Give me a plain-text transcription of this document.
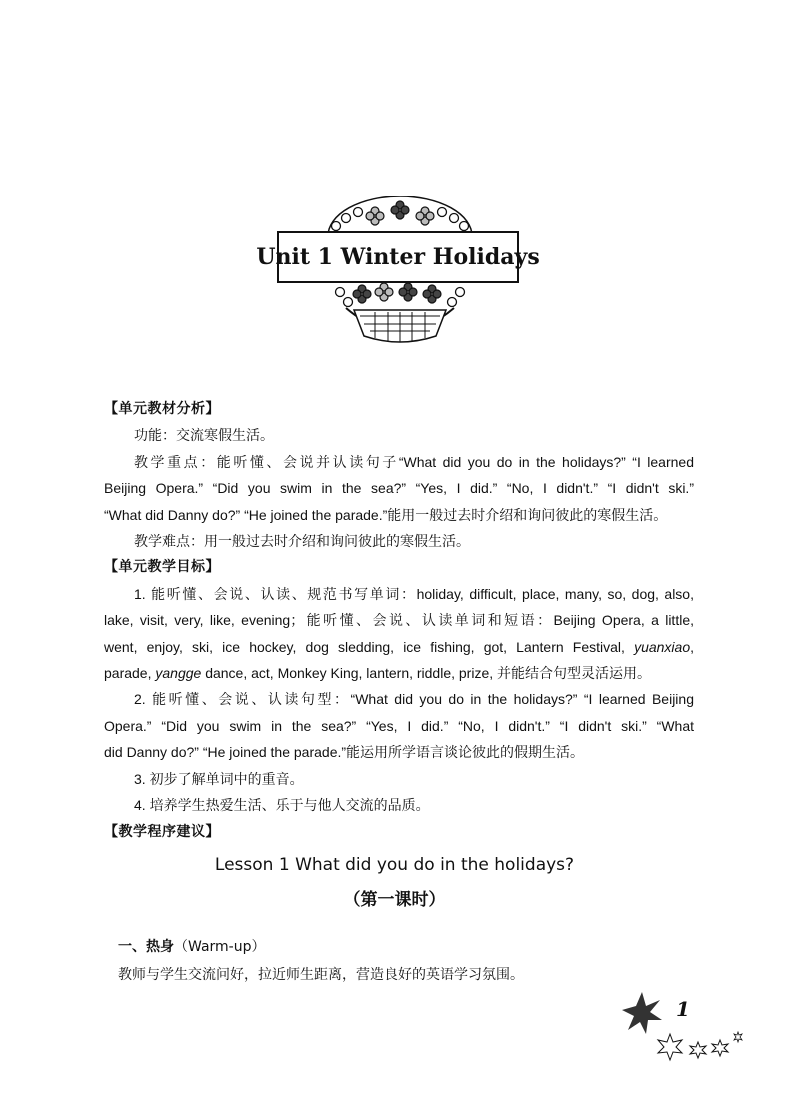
Unit 1 Winter Holidays

【单元教材分析】

功能：交流寒假生活。

教学重点：能听懂、会说并认读句子“What did you do in the holidays?” “I learned

Beijing Opera.” “Did you swim in the sea?” “Yes, I did.” “No, I didn't.” “I didn't ski.”

“What did Danny do?” “He joined the parade.”能用一般过去时介绍和询问彼此的寒假生活。

教学难点：用一般过去时介绍和询问彼此的寒假生活。

【单元教学目标】

1. 能听懂、会说、认读、规范书写单词：holiday, difficult, place, many, so, dog, also,

lake, visit, very, like, evening；能听懂、会说、认读单词和短语：Beijing Opera, a little,

went, enjoy, ski, ice hockey, dog sledding, ice fishing, got, Lantern Festival, yuanxiao,

parade, yangge dance, act, Monkey King, lantern, riddle, prize, 并能结合句型灵活运用。

2. 能听懂、会说、认读句型：“What did you do in the holidays?” “I learned Beijing

Opera.” “Did you swim in the sea?” “Yes, I did.” “No, I didn't.” “I didn't ski.” “What

did Danny do?” “He joined the parade.”能运用所学语言谈论彼此的假期生活。

3. 初步了解单词中的重音。

4. 培养学生热爱生活、乐于与他人交流的品质。

【教学程序建议】

Lesson 1 What did you do in the holidays?
（第一课时）
一、热身（Warm-up）
教师与学生交流问好，拉近师生距离，营造良好的英语学习氛围。
1
